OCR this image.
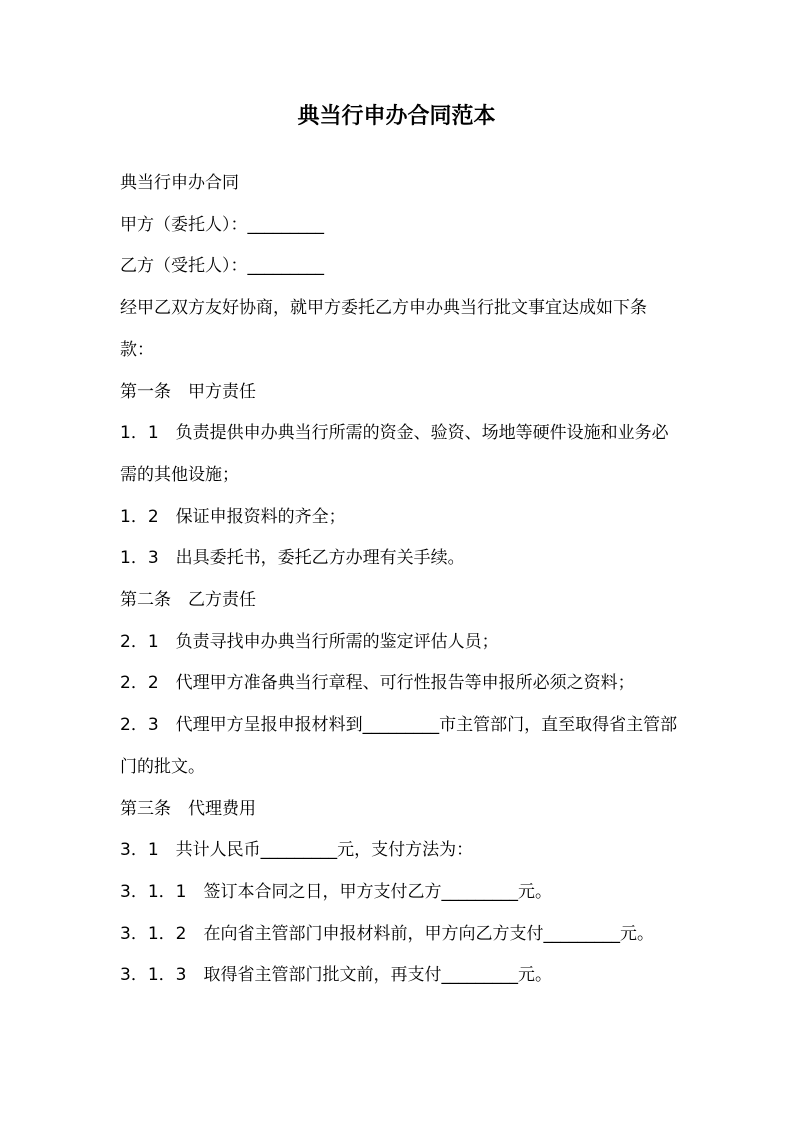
典当行申办合同范本

典当行申办合同

甲方（委托人）：_________

乙方（受托人）：_________

经甲乙双方友好协商，就甲方委托乙方申办典当行批文事宜达成如下条款：

第一条　甲方责任

1．1　负责提供申办典当行所需的资金、验资、场地等硬件设施和业务必需的其他设施；

1．2　保证申报资料的齐全；

1．3　出具委托书，委托乙方办理有关手续。

第二条　乙方责任

2．1　负责寻找申办典当行所需的鉴定评估人员；

2．2　代理甲方准备典当行章程、可行性报告等申报所必须之资料；

2．3　代理甲方呈报申报材料到_________市主管部门，直至取得省主管部门的批文。

第三条　代理费用

3．1　共计人民币_________元，支付方法为：

3．1．1　签订本合同之日，甲方支付乙方_________元。

3．1．2　在向省主管部门申报材料前，甲方向乙方支付_________元。

3．1．3　取得省主管部门批文前，再支付_________元。
